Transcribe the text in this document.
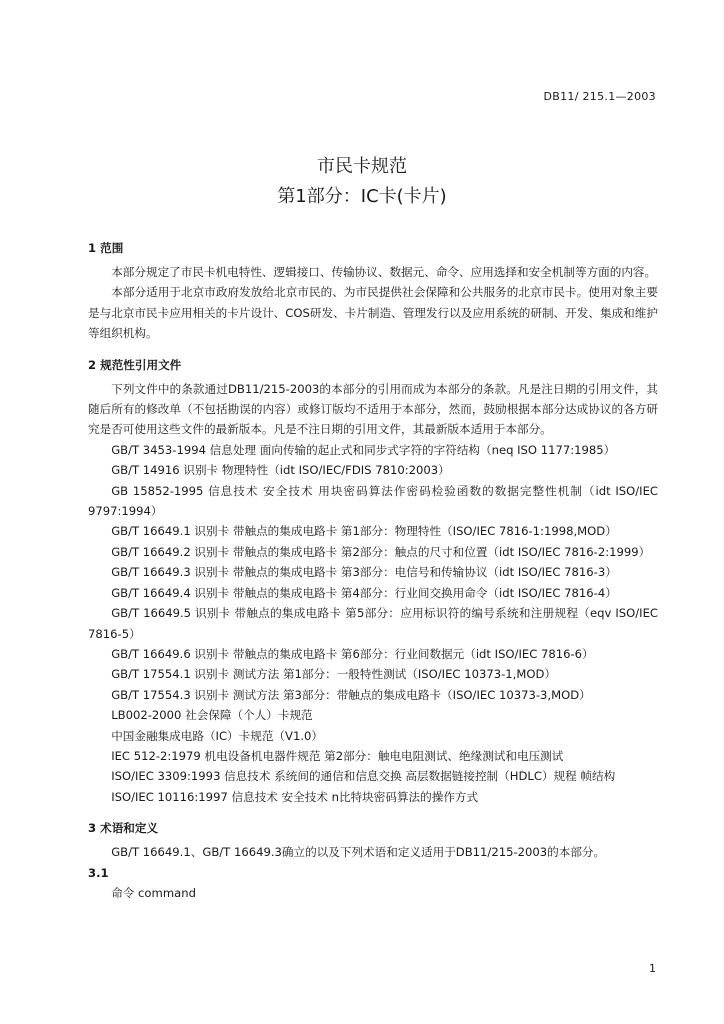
DB11/ 215.1—2003
市民卡规范
第1部分：IC卡(卡片)

1 范围

本部分规定了市民卡机电特性、逻辑接口、传输协议、数据元、命令、应用选择和安全机制等方面的内容。

本部分适用于北京市政府发放给北京市民的、为市民提供社会保障和公共服务的北京市民卡。使用对象主要是与北京市民卡应用相关的卡片设计、COS研发、卡片制造、管理发行以及应用系统的研制、开发、集成和维护等组织机构。

2 规范性引用文件

下列文件中的条款通过DB11/215-2003的本部分的引用而成为本部分的条款。凡是注日期的引用文件，其随后所有的修改单（不包括勘误的内容）或修订版均不适用于本部分，然而，鼓励根据本部分达成协议的各方研究是否可使用这些文件的最新版本。凡是不注日期的引用文件，其最新版本适用于本部分。

GB/T 3453-1994 信息处理 面向传输的起止式和同步式字符的字符结构（neq ISO 1177:1985）

GB/T 14916 识别卡 物理特性（idt ISO/IEC/FDIS 7810:2003）

GB 15852-1995 信息技术 安全技术 用块密码算法作密码检验函数的数据完整性机制（idt ISO/IEC 9797:1994）

GB/T 16649.1 识别卡 带触点的集成电路卡 第1部分：物理特性（ISO/IEC 7816-1:1998,MOD）

GB/T 16649.2 识别卡 带触点的集成电路卡 第2部分：触点的尺寸和位置（idt ISO/IEC 7816-2:1999）

GB/T 16649.3 识别卡 带触点的集成电路卡 第3部分：电信号和传输协议（idt ISO/IEC 7816-3）

GB/T 16649.4 识别卡 带触点的集成电路卡 第4部分：行业间交换用命令（idt ISO/IEC 7816-4）

GB/T 16649.5 识别卡 带触点的集成电路卡 第5部分：应用标识符的编号系统和注册规程（eqv ISO/IEC 7816-5）

GB/T 16649.6 识别卡 带触点的集成电路卡 第6部分：行业间数据元（idt ISO/IEC 7816-6）

GB/T 17554.1 识别卡 测试方法 第1部分：一般特性测试（ISO/IEC 10373-1,MOD）

GB/T 17554.3 识别卡 测试方法 第3部分：带触点的集成电路卡（ISO/IEC 10373-3,MOD）

LB002-2000 社会保障（个人）卡规范

中国金融集成电路（IC）卡规范（V1.0）

IEC 512-2:1979 机电设备机电器件规范 第2部分：触电电阻测试、绝缘测试和电压测试

ISO/IEC 3309:1993 信息技术 系统间的通信和信息交换 高层数据链接控制（HDLC）规程 帧结构

ISO/IEC 10116:1997 信息技术 安全技术 n比特块密码算法的操作方式

3 术语和定义

GB/T 16649.1、GB/T 16649.3确立的以及下列术语和定义适用于DB11/215-2003的本部分。

3.1

命令 command

1
